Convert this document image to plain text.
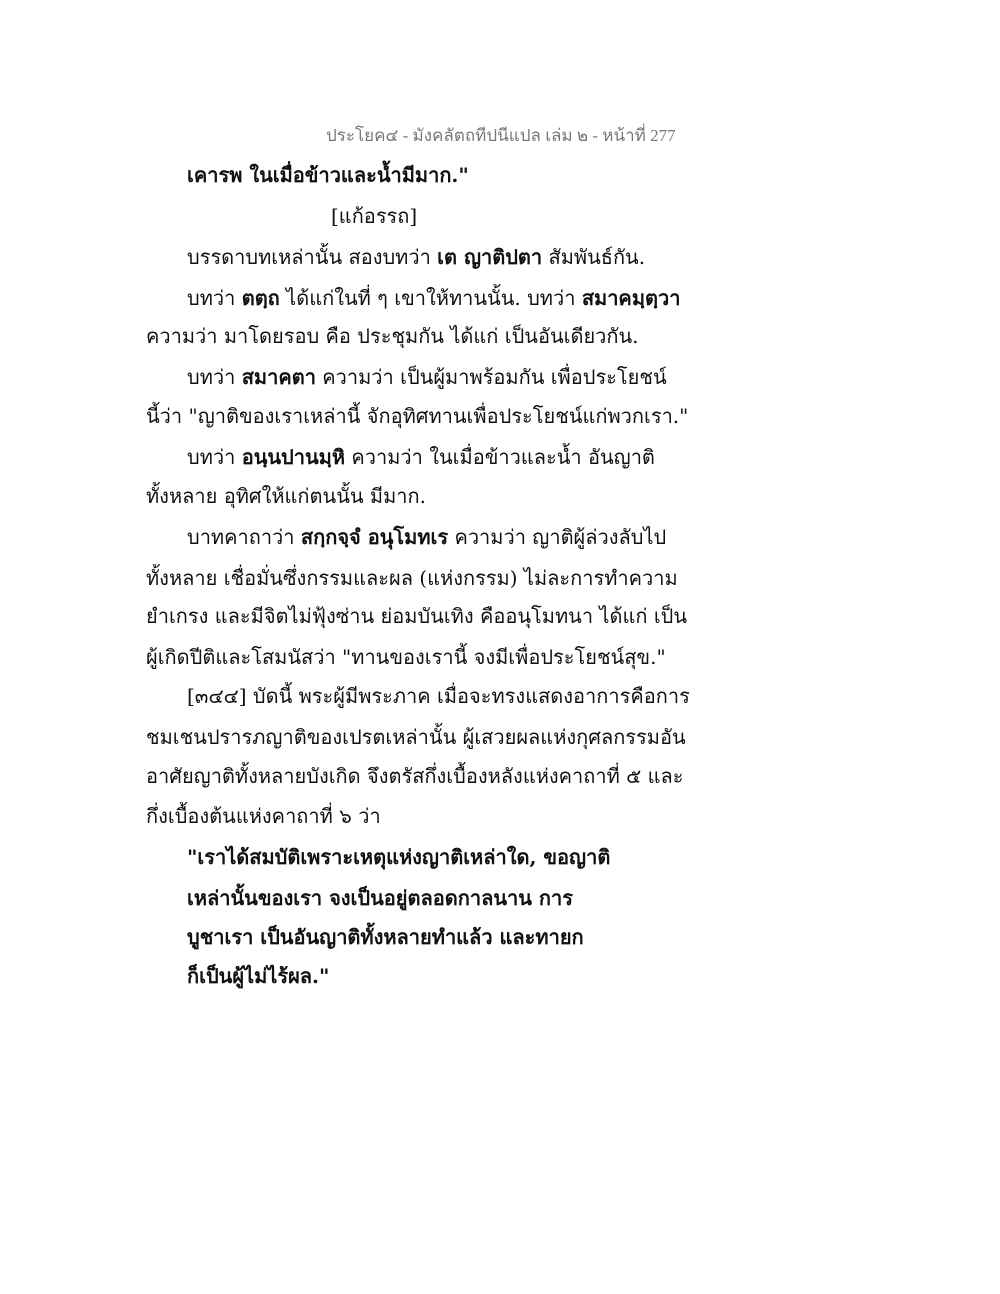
ประโยค๔ - มังคลัตถทีปนีแปล เล่ม ๒ - หน้าที่ 277
เคารพ ในเมื่อข้าวและน้ำมีมาก."
[แก้อรรถ]
บรรดาบทเหล่านั้น สองบทว่า เต ญาติปตา สัมพันธ์กัน.
บทว่า ตตฺถ ได้แก่ในที่ ๆ เขาให้ทานนั้น. บทว่า สมาคมฺตฺวา
ความว่า มาโดยรอบ คือ ประชุมกัน ได้แก่ เป็นอันเดียวกัน.
บทว่า สมาคตา ความว่า เป็นผู้มาพร้อมกัน เพื่อประโยชน์
นี้ว่า "ญาติของเราเหล่านี้ จักอุทิศทานเพื่อประโยชน์แก่พวกเรา."
บทว่า อนฺนปานมฺหิ ความว่า ในเมื่อข้าวและน้ำ อันญาติ
ทั้งหลาย อุทิศให้แก่ตนนั้น มีมาก.
บาทคาถาว่า สกฺกจฺจํ อนุโมทเร ความว่า ญาติผู้ล่วงลับไป
ทั้งหลาย เชื่อมั่นซึ่งกรรมและผล (แห่งกรรม) ไม่ละการทำความ
ยำเกรง และมีจิตไม่ฟุ้งซ่าน ย่อมบันเทิง คืออนุโมทนา ได้แก่ เป็น
ผู้เกิดปีติและโสมนัสว่า "ทานของเรานี้ จงมีเพื่อประโยชน์สุข."
[๓๔๔] บัดนี้ พระผู้มีพระภาค เมื่อจะทรงแสดงอาการคือการ
ชมเชนปรารภญาติของเปรตเหล่านั้น ผู้เสวยผลแห่งกุศลกรรมอัน
อาศัยญาติทั้งหลายบังเกิด จึงตรัสกึ่งเบื้องหลังแห่งคาถาที่ ๕ และ
กึ่งเบื้องต้นแห่งคาถาที่ ๖ ว่า
"เราได้สมบัติเพราะเหตุแห่งญาติเหล่าใด, ขอญาติ
เหล่านั้นของเรา จงเป็นอยู่ตลอดกาลนาน การ
บูชาเรา เป็นอันญาติทั้งหลายทำแล้ว และทายก
ก็เป็นผู้ไม่ไร้ผล."
